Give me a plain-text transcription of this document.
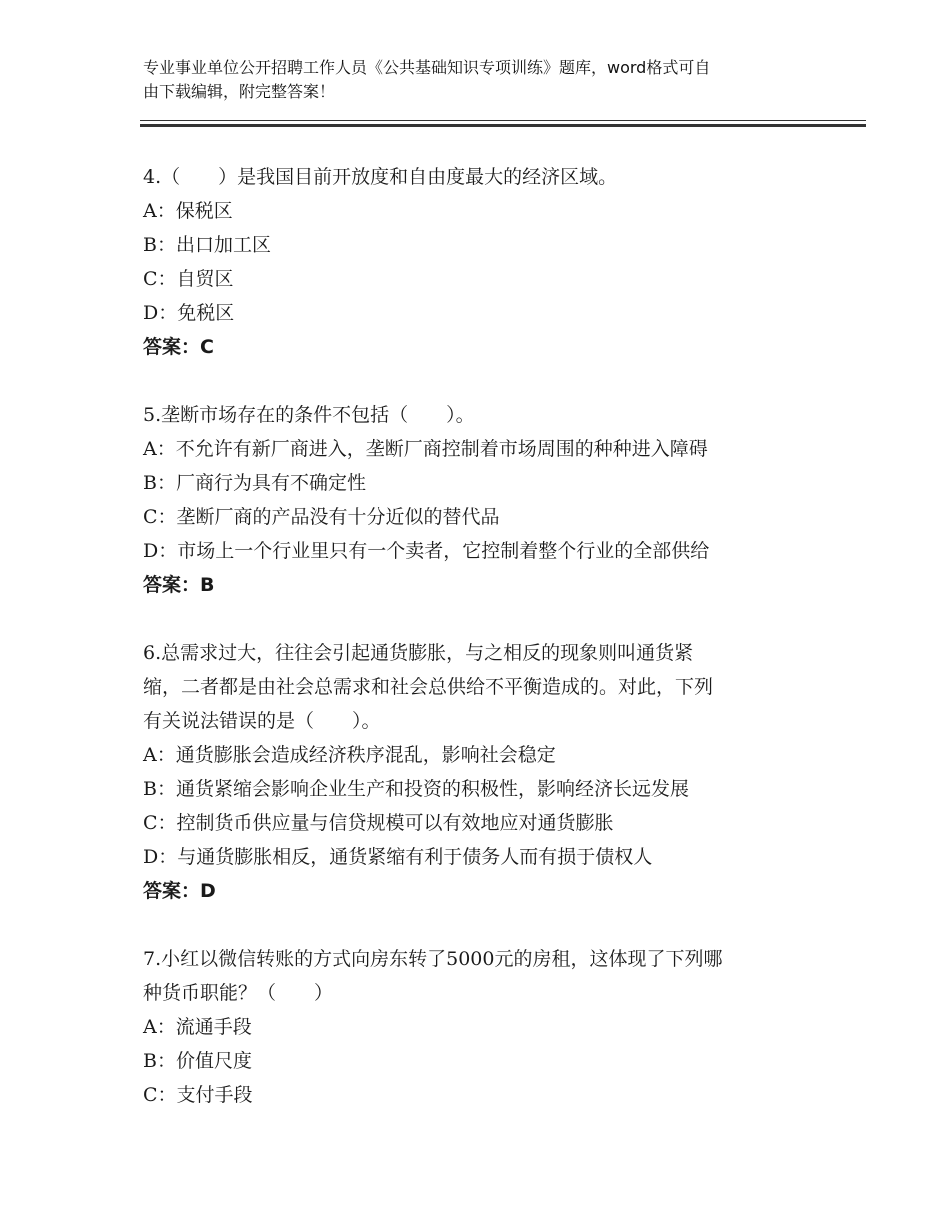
专业事业单位公开招聘工作人员《公共基础知识专项训练》题库，word格式可自
由下载编辑，附完整答案！
4.（　　）是我国目前开放度和自由度最大的经济区域。
A：保税区
B：出口加工区
C：自贸区
D：免税区
答案：C
5.垄断市场存在的条件不包括（　　）。
A：不允许有新厂商进入，垄断厂商控制着市场周围的种种进入障碍
B：厂商行为具有不确定性
C：垄断厂商的产品没有十分近似的替代品
D：市场上一个行业里只有一个卖者，它控制着整个行业的全部供给
答案：B
6.总需求过大，往往会引起通货膨胀，与之相反的现象则叫通货紧
缩，二者都是由社会总需求和社会总供给不平衡造成的。对此，下列
有关说法错误的是（　　）。
A：通货膨胀会造成经济秩序混乱，影响社会稳定
B：通货紧缩会影响企业生产和投资的积极性，影响经济长远发展
C：控制货币供应量与信贷规模可以有效地应对通货膨胀
D：与通货膨胀相反，通货紧缩有利于债务人而有损于债权人
答案：D
7.小红以微信转账的方式向房东转了5000元的房租，这体现了下列哪
种货币职能？（　　）
A：流通手段
B：价值尺度
C：支付手段
